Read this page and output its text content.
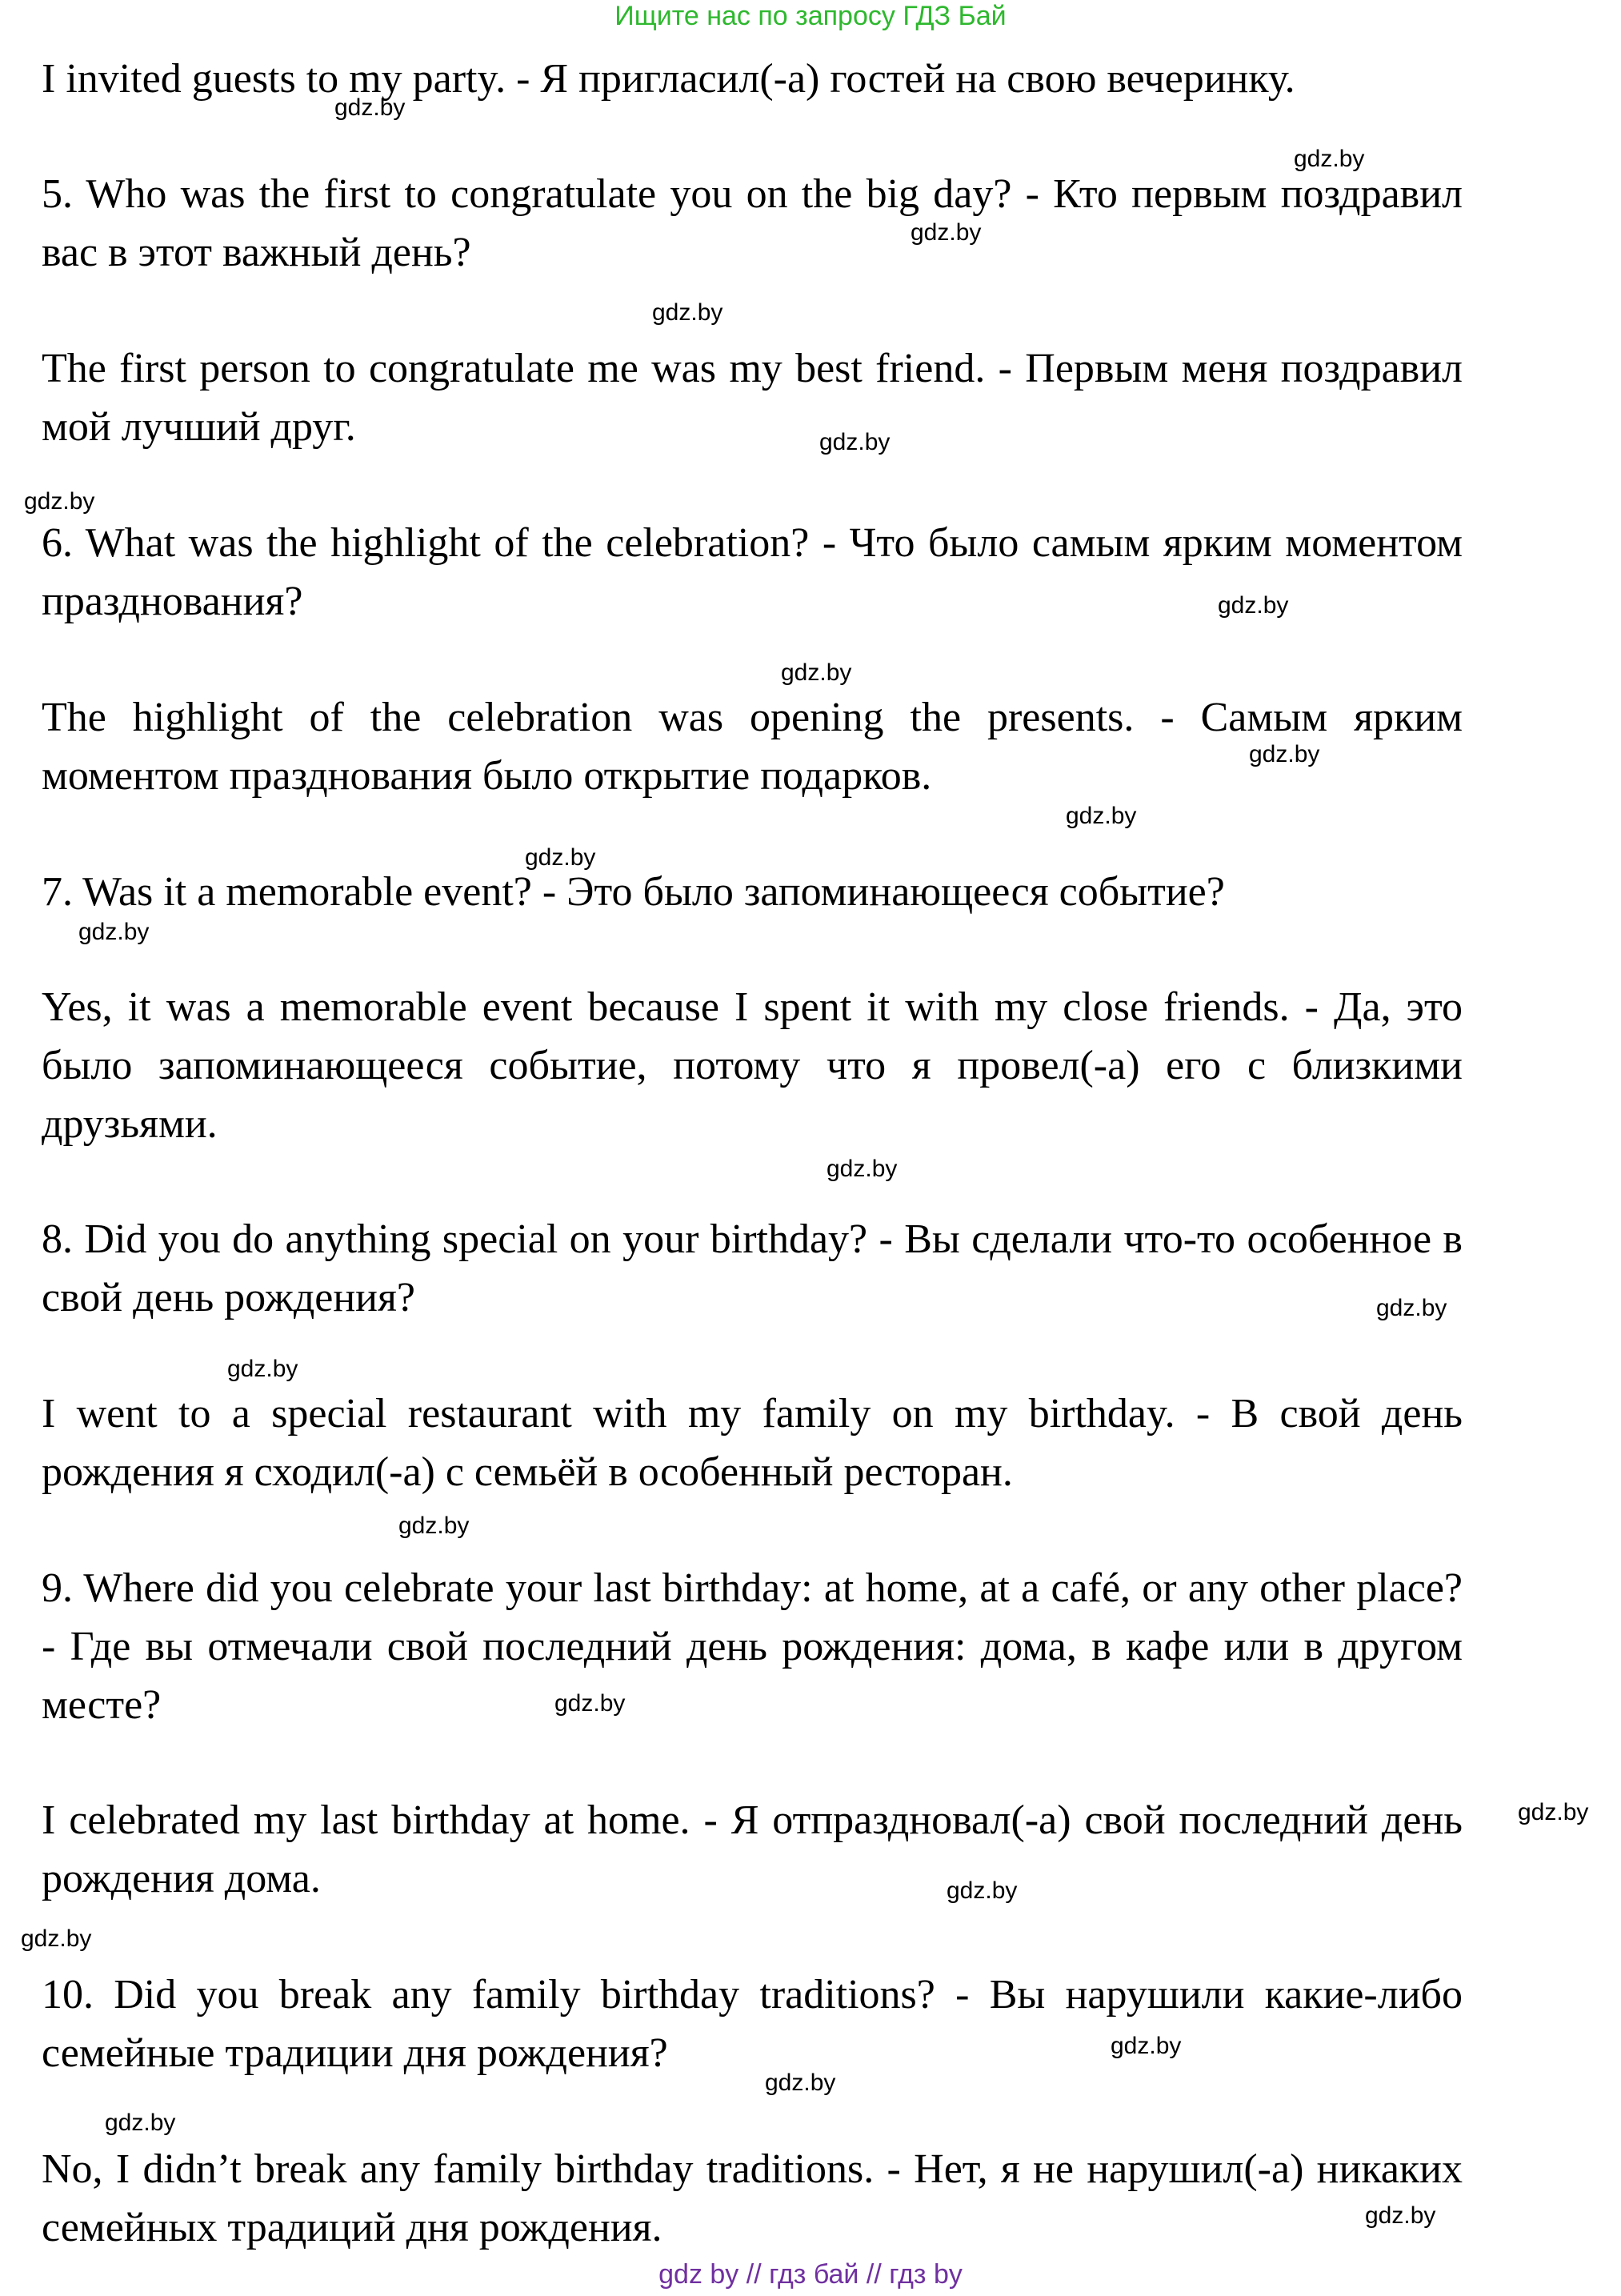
Ищите нас по запросу ГДЗ Бай

I invited guests to my party. - Я пригласил(-а) гостей на свою вечеринку.

5. Who was the first to congratulate you on the big day? - Кто первым поздравил вас в этот важный день?

The first person to congratulate me was my best friend. - Первым меня поздравил мой лучший друг.

6. What was the highlight of the celebration? - Что было самым ярким моментом празднования?

The highlight of the celebration was opening the presents. - Самым ярким моментом празднования было открытие подарков.

7. Was it a memorable event? - Это было запоминающееся событие?

Yes, it was a memorable event because I spent it with my close friends. - Да, это было запоминающееся событие, потому что я провел(-а) его с близкими друзьями.

8. Did you do anything special on your birthday? - Вы сделали что-то особенное в свой день рождения?

I went to a special restaurant with my family on my birthday. - В свой день рождения я сходил(-а) с семьёй в особенный ресторан.

9. Where did you celebrate your last birthday: at home, at a café, or any other place? - Где вы отмечали свой последний день рождения: дома, в кафе или в другом месте?

I celebrated my last birthday at home. - Я отпраздновал(-а) свой последний день рождения дома.

10. Did you break any family birthday traditions? - Вы нарушили какие-либо семейные традиции дня рождения?

No, I didn’t break any family birthday traditions. - Нет, я не нарушил(-а) никаких семейных традиций дня рождения.

gdz.by
gdz.by
gdz.by
gdz.by
gdz.by
gdz.by
gdz.by
gdz.by
gdz.by
gdz.by
gdz.by
gdz.by
gdz.by
gdz.by
gdz.by
gdz.by
gdz.by
gdz.by
gdz.by
gdz.by
gdz.by
gdz.by
gdz.by
gdz.by
gdz by // гдз бай // гдз by
